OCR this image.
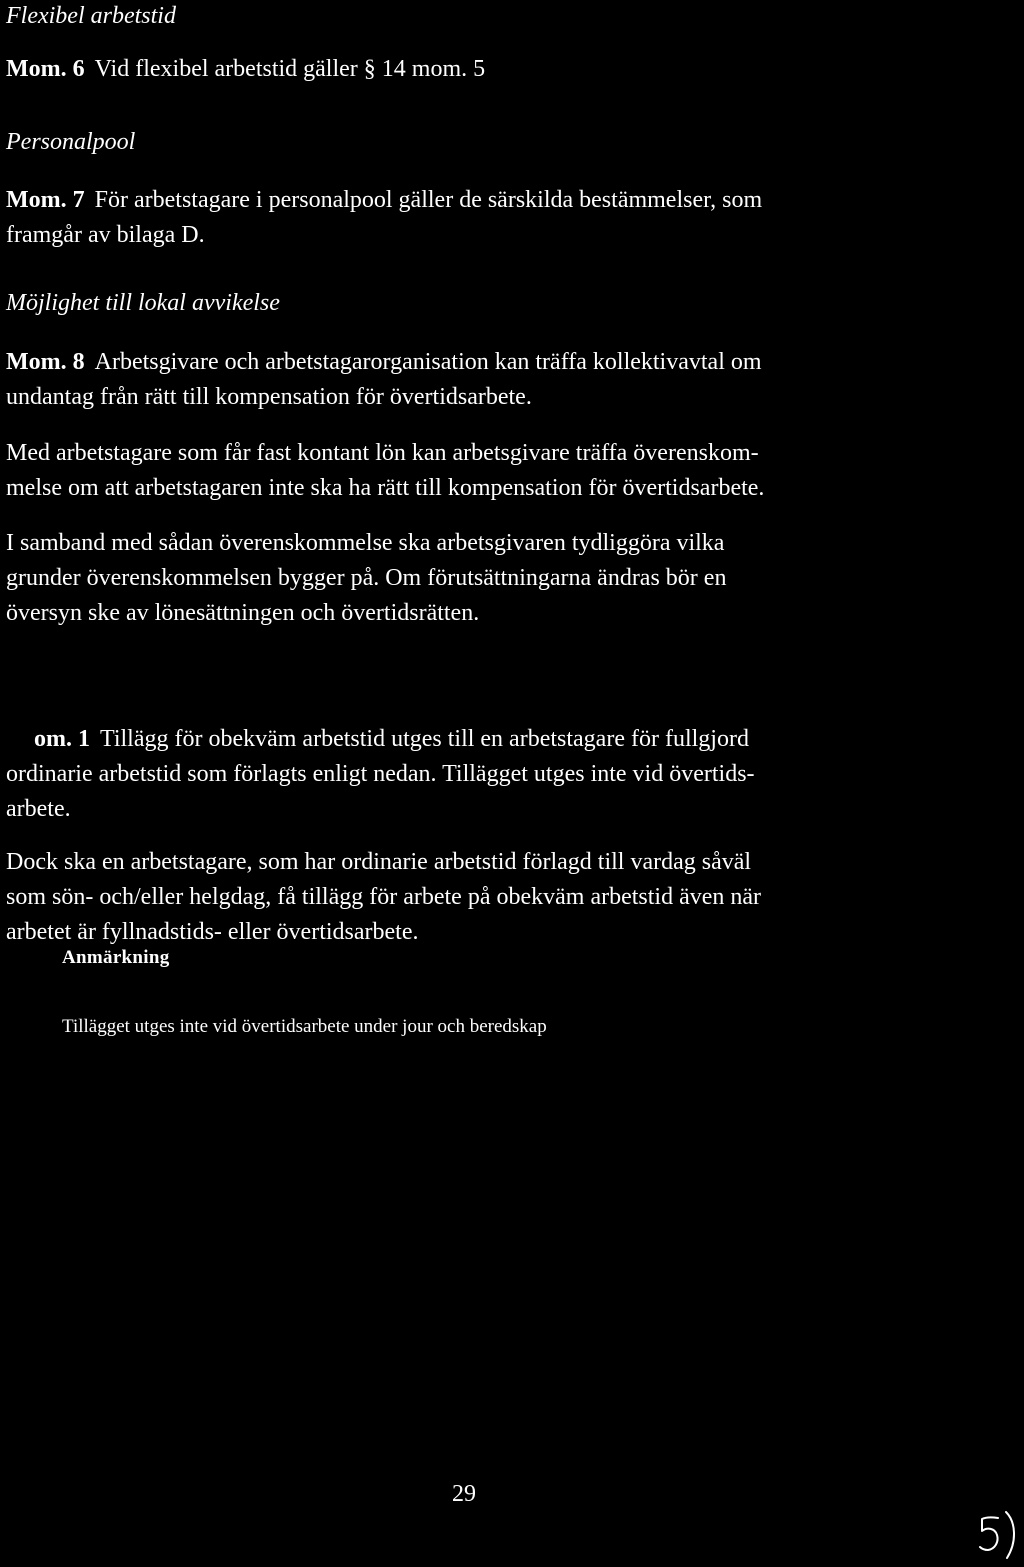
Flexibel arbetstid
Mom. 6 Vid flexibel arbetstid gäller § 14 mom. 5
Personalpool
Mom. 7 För arbetstagare i personalpool gäller de särskilda bestämmelser, som
framgår av bilaga D.
Möjlighet till lokal avvikelse
Mom. 8 Arbetsgivare och arbetstagarorganisation kan träffa kollektivavtal om
undantag från rätt till kompensation för övertidsarbete.
Med arbetstagare som får fast kontant lön kan arbetsgivare träffa överenskom-
melse om att arbetstagaren inte ska ha rätt till kompensation för övertidsarbete.
I samband med sådan överenskommelse ska arbetsgivaren tydliggöra vilka
grunder överenskommelsen bygger på. Om förutsättningarna ändras bör en
översyn ske av lönesättningen och övertidsrätten.
om. 1 Tillägg för obekväm arbetstid utges till en arbetstagare för fullgjord
ordinarie arbetstid som förlagts enligt nedan. Tillägget utges inte vid övertids-
arbete.
Dock ska en arbetstagare, som har ordinarie arbetstid förlagd till vardag såväl
som sön- och/eller helgdag, få tillägg för arbete på obekväm arbetstid även när
arbetet är fyllnadstids- eller övertidsarbete.
Anmärkning
Tillägget utges inte vid övertidsarbete under jour och beredskap
29
